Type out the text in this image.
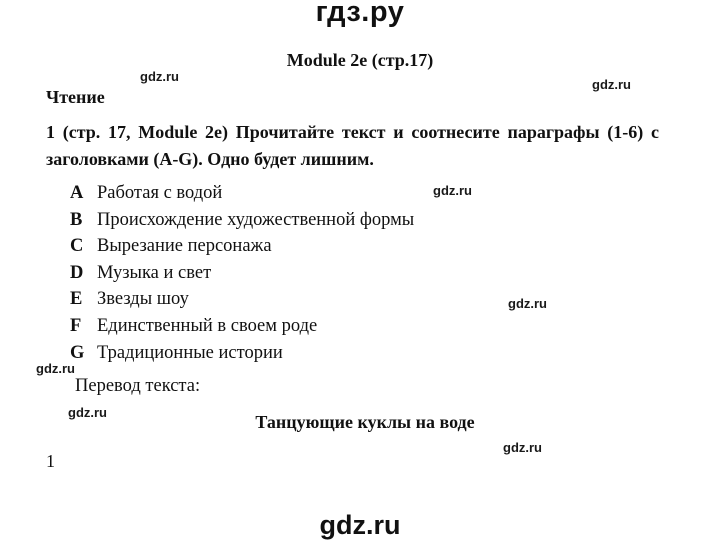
гдз.ру
Module 2e (стр.17)
Чтение
1 (стр. 17, Module 2e) Прочитайте текст и соотнесите параграфы (1-6) с заголовками (A-G). Одно будет лишним.
A Работая с водой
B Происхождение художественной формы
C Вырезание персонажа
D Музыка и свет
E Звезды шоу
F Единственный в своем роде
G Традиционные истории
Перевод текста:
Танцующие куклы на воде
1
gdz.ru
gdz.ru
gdz.ru
gdz.ru
gdz.ru
gdz.ru
gdz.ru
gdz.ru
